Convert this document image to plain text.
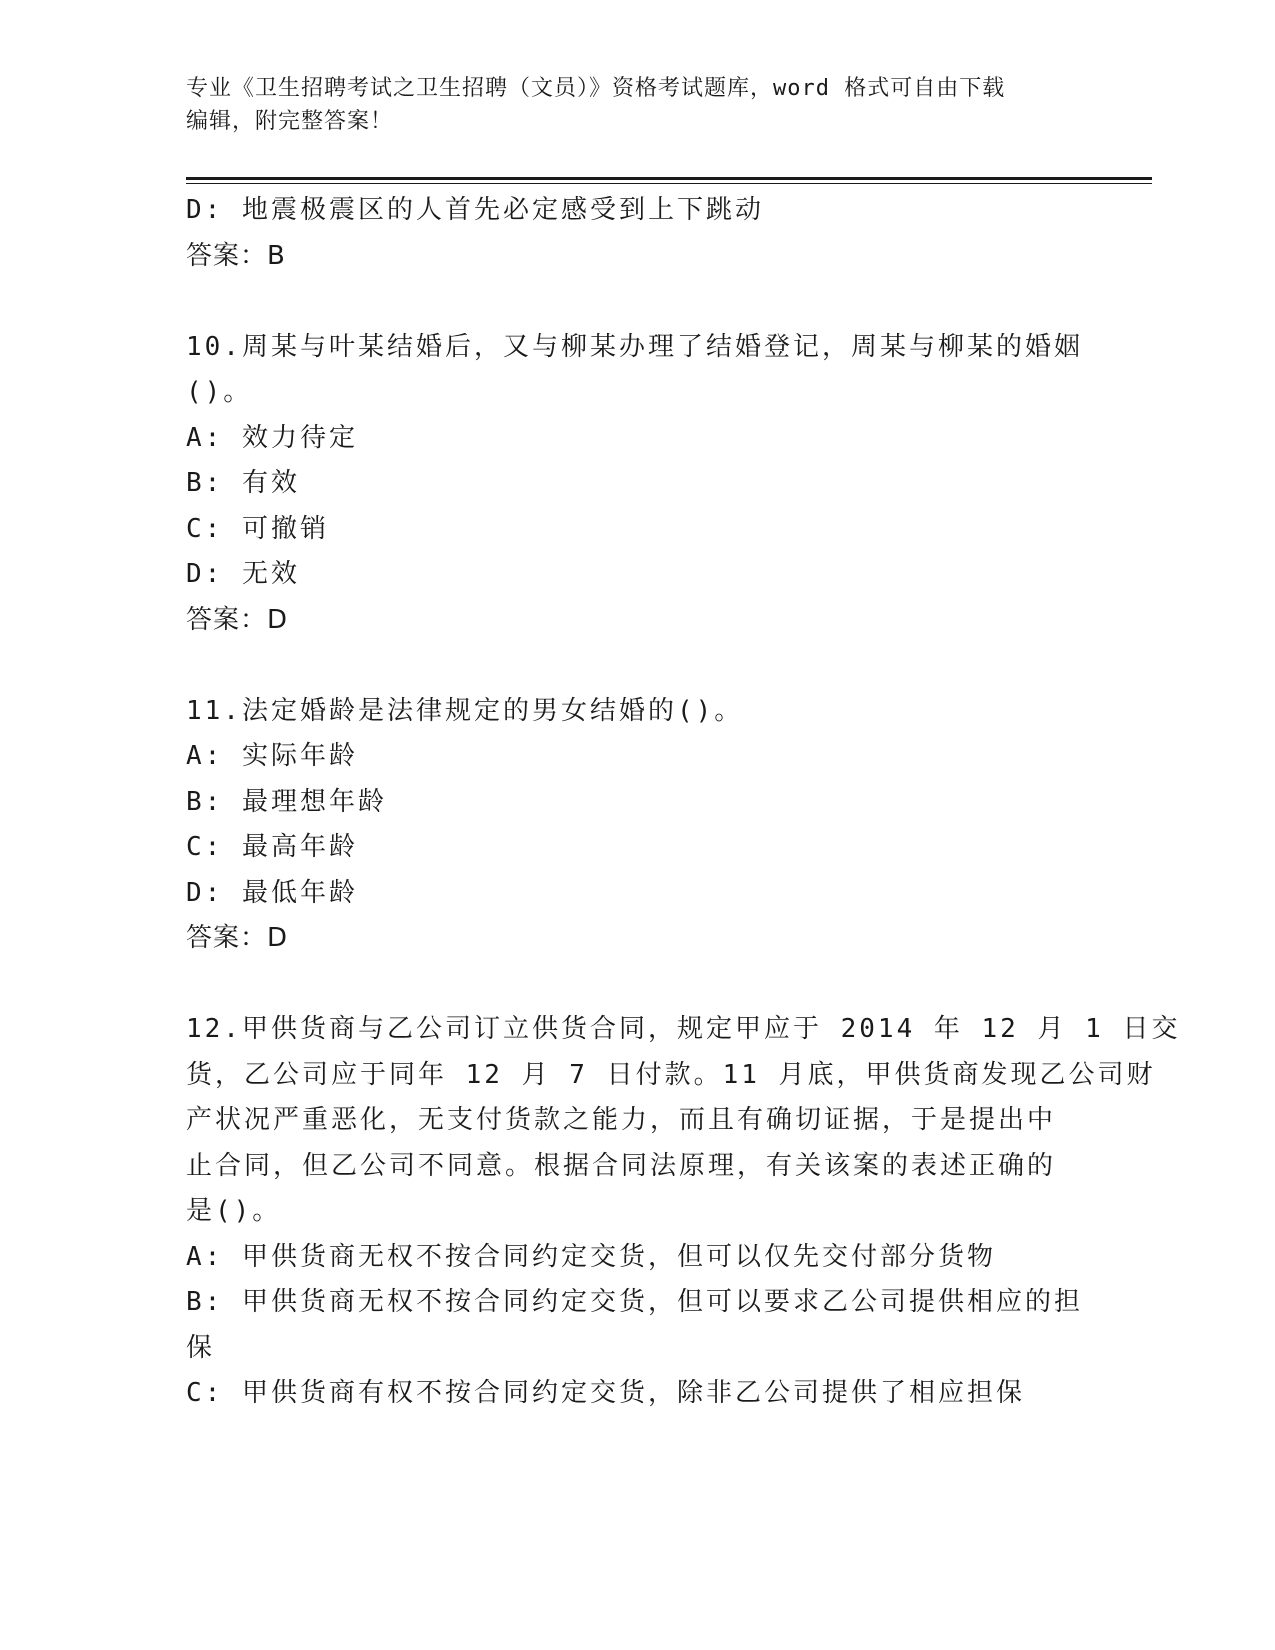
专业《卫生招聘考试之卫生招聘（文员）》资格考试题库，word 格式可自由下载
编辑，附完整答案！
D: 地震极震区的人首先必定感受到上下跳动
答案：B
10.周某与叶某结婚后，又与柳某办理了结婚登记，周某与柳某的婚姻
()。
A: 效力待定
B: 有效
C: 可撤销
D: 无效
答案：D
11.法定婚龄是法律规定的男女结婚的()。
A: 实际年龄
B: 最理想年龄
C: 最高年龄
D: 最低年龄
答案：D
12.甲供货商与乙公司订立供货合同，规定甲应于 2014 年 12 月 1 日交
货，乙公司应于同年 12 月 7 日付款。11 月底，甲供货商发现乙公司财
产状况严重恶化，无支付货款之能力，而且有确切证据，于是提出中
止合同，但乙公司不同意。根据合同法原理，有关该案的表述正确的
是()。
A: 甲供货商无权不按合同约定交货，但可以仅先交付部分货物
B: 甲供货商无权不按合同约定交货，但可以要求乙公司提供相应的担
保
C: 甲供货商有权不按合同约定交货，除非乙公司提供了相应担保
